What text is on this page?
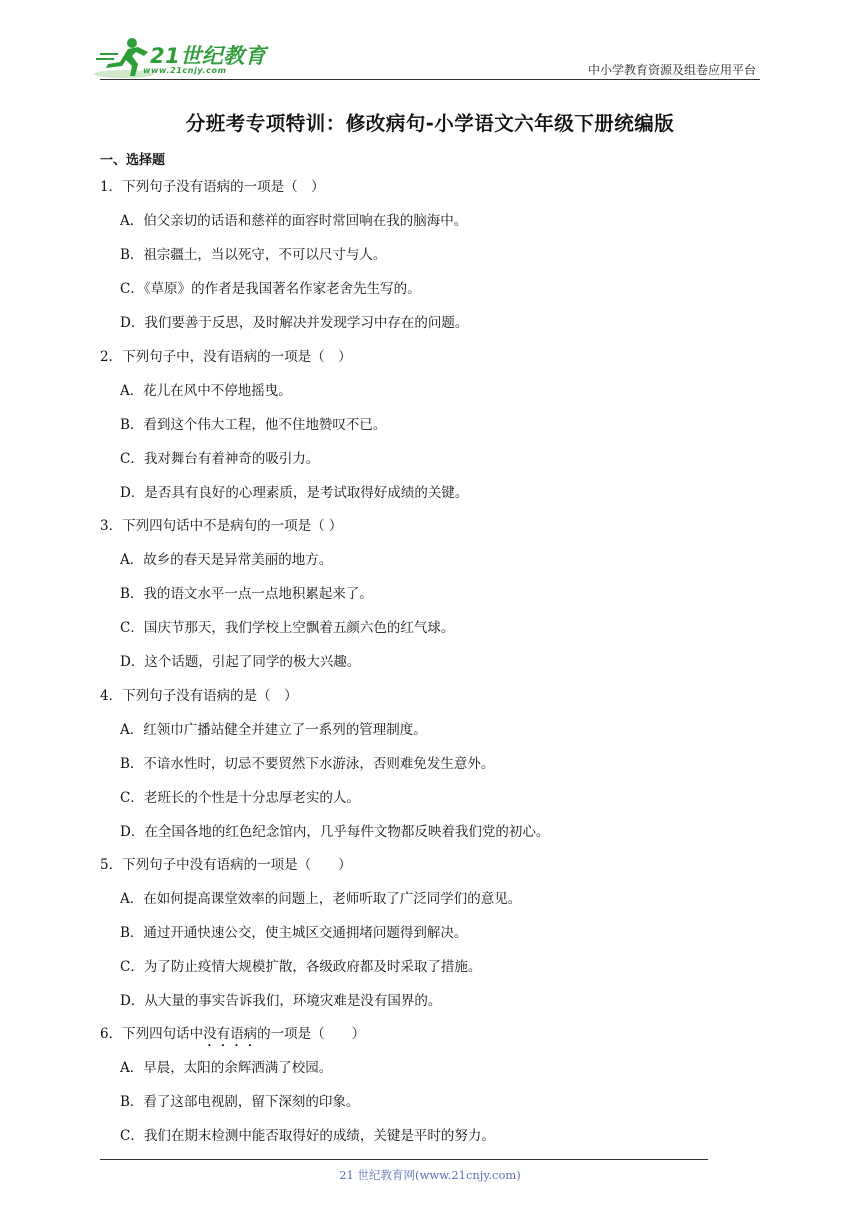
21世纪教育
www.21cnjy.com	中小学教育资源及组卷应用平台
分班考专项特训：修改病句-小学语文六年级下册统编版
一、选择题
1．下列句子没有语病的一项是（　）
A．伯父亲切的话语和慈祥的面容时常回响在我的脑海中。
B．祖宗疆土，当以死守，不可以尺寸与人。
C．《草原》的作者是我国著名作家老舍先生写的。
D．我们要善于反思，及时解决并发现学习中存在的问题。
2．下列句子中，没有语病的一项是（　）
A．花儿在风中不停地摇曳。
B．看到这个伟大工程，他不住地赞叹不已。
C．我对舞台有着神奇的吸引力。
D．是否具有良好的心理素质，是考试取得好成绩的关键。
3．下列四句话中不是病句的一项是（ ）
A．故乡的春天是异常美丽的地方。
B．我的语文水平一点一点地积累起来了。
C．国庆节那天，我们学校上空飘着五颜六色的红气球。
D．这个话题，引起了同学的极大兴趣。
4．下列句子没有语病的是（　）
A．红领巾广播站健全并建立了一系列的管理制度。
B．不谙水性时，切忌不要贸然下水游泳，否则难免发生意外。
C．老班长的个性是十分忠厚老实的人。
D．在全国各地的红色纪念馆内，几乎每件文物都反映着我们党的初心。
5．下列句子中没有语病的一项是（　　）
A．在如何提高课堂效率的问题上，老师听取了广泛同学们的意见。
B．通过开通快速公交，使主城区交通拥堵问题得到解决。
C．为了防止疫情大规模扩散，各级政府都及时采取了措施。
D．从大量的事实告诉我们，环境灾难是没有国界的。
6．下列四句话中没有语病的一项是（　　）
A．早晨，太阳的余辉洒满了校园。
B．看了这部电视剧，留下深刻的印象。
C．我们在期末检测中能否取得好的成绩，关键是平时的努力。
21 世纪教育网(www.21cnjy.com)
